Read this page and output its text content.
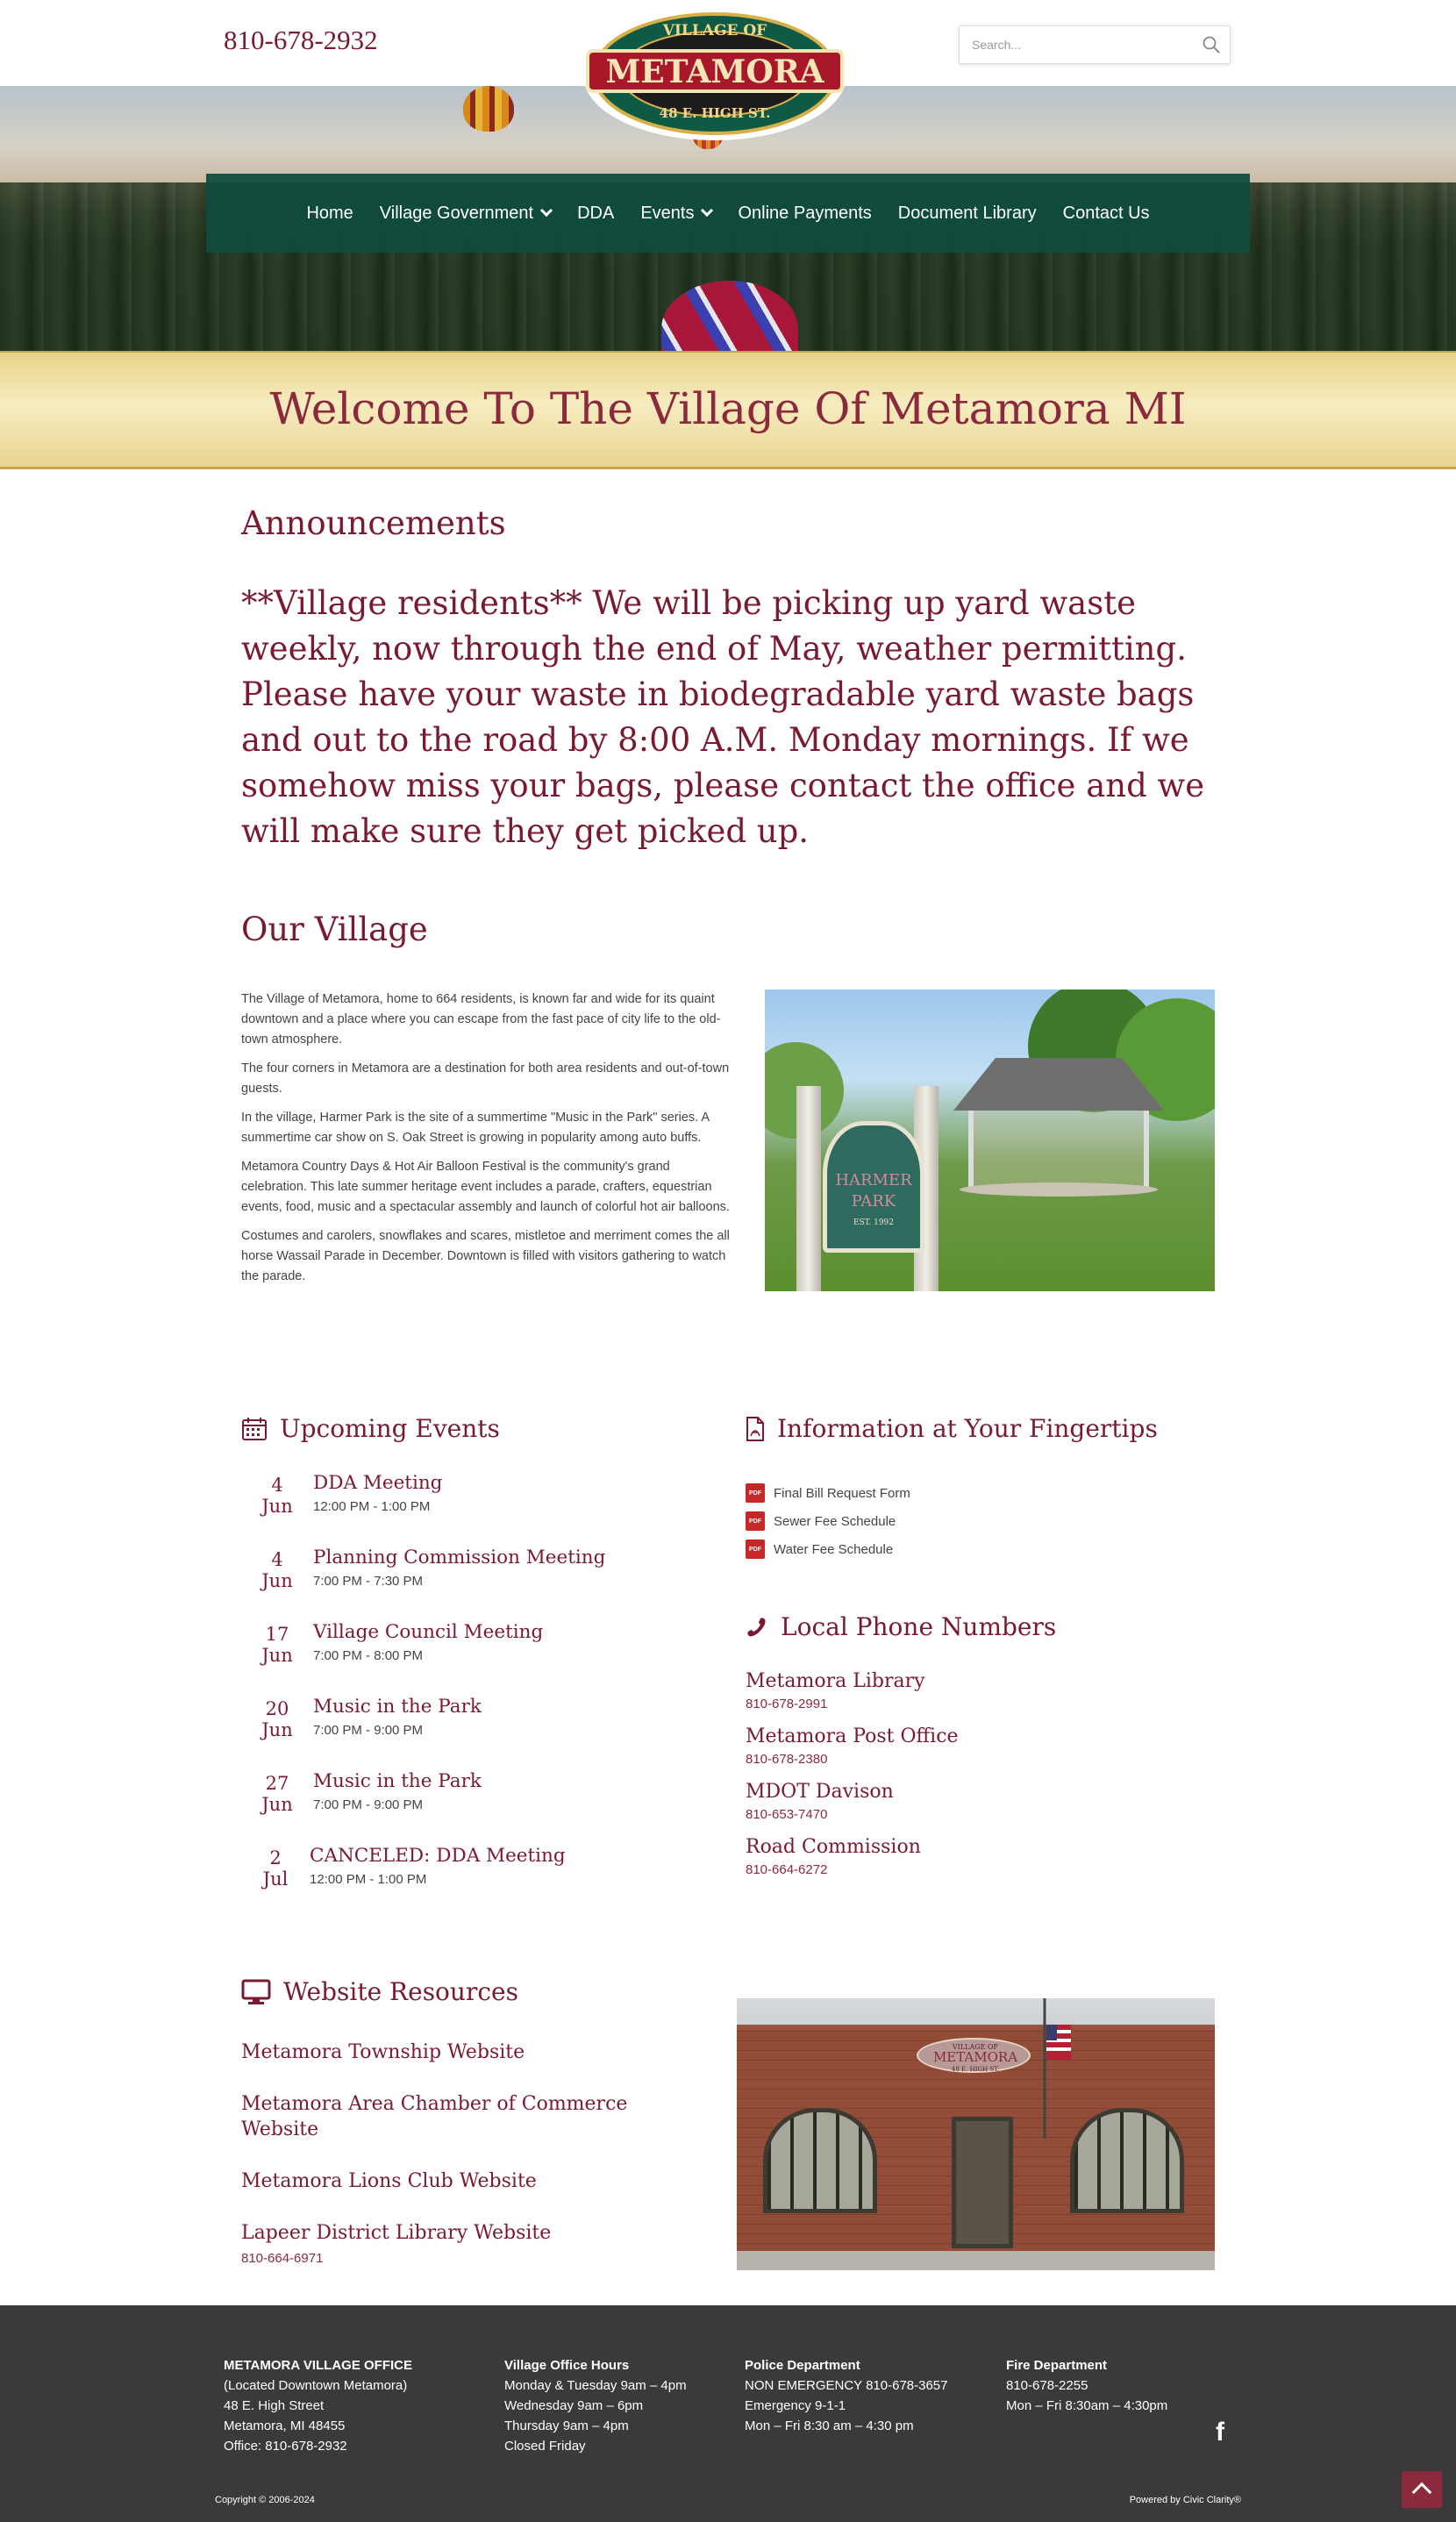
810-678-2932
Search...	VILLAGE OF
METAMORA
48 E. HIGH ST.
Home Village Government	DDA Events	Online Payments Document Library Contact Us
Welcome To The Village Of Metamora MI
Announcements
**Village residents** We will be picking up yard waste weekly, now through the end of May, weather permitting. Please have your waste in biodegradable yard waste bags and out to the road by 8:00 A.M. Monday mornings. If we somehow miss your bags, please contact the office and we will make sure they get picked up.
Our Village

The Village of Metamora, home to 664 residents, is known far and wide for its quaint downtown and a place where you can escape from the fast pace of city life to the old-town atmosphere.

The four corners in Metamora are a destination for both area residents and out-of-town guests.

In the village, Harmer Park is the site of a summertime "Music in the Park" series. A summertime car show on S. Oak Street is growing in popularity among auto buffs.

Metamora Country Days & Hot Air Balloon Festival is the community's grand celebration. This late summer heritage event includes a parade, crafters, equestrian events, food, music and a spectacular assembly and launch of colorful hot air balloons.

Costumes and carolers, snowflakes and scares, mistletoe and merriment comes the all horse Wassail Parade in December. Downtown is filled with visitors gathering to watch the parade.

HARMER
PARK
EST. 1992
Upcoming Events
4
Jun
DDA Meeting
12:00 PM - 1:00 PM
4
Jun
Planning Commission Meeting
7:00 PM - 7:30 PM
17
Jun
Village Council Meeting
7:00 PM - 8:00 PM
20
Jun
Music in the Park
7:00 PM - 9:00 PM
27
Jun
Music in the Park
7:00 PM - 9:00 PM
2
Jul
CANCELED: DDA Meeting
12:00 PM - 1:00 PM
Information at Your Fingertips
PDF Final Bill Request Form
PDF Sewer Fee Schedule
PDF Water Fee Schedule
Local Phone Numbers
Metamora Library
810-678-2991
Metamora Post Office
810-678-2380
MDOT Davison
810-653-7470
Road Commission
810-664-6272
Website Resources
Metamora Township Website
Metamora Area Chamber of Commerce Website
Metamora Lions Club Website
Lapeer District Library Website
810-664-6971
VILLAGE OF
METAMORA
48 E. HIGH ST.
METAMORA VILLAGE OFFICE
(Located Downtown Metamora)
48 E. High Street
Metamora, MI 48455
Office: 810-678-2932
Village Office Hours
Monday & Tuesday 9am – 4pm
Wednesday 9am – 6pm
Thursday 9am – 4pm
Closed Friday
Police Department
NON EMERGENCY 810-678-3657
Emergency 9-1-1
Mon – Fri 8:30 am – 4:30 pm
Fire Department
810-678-2255
Mon – Fri 8:30am – 4:30pm
f
Copyright © 2006-2024	Powered by Civic Clarity®
